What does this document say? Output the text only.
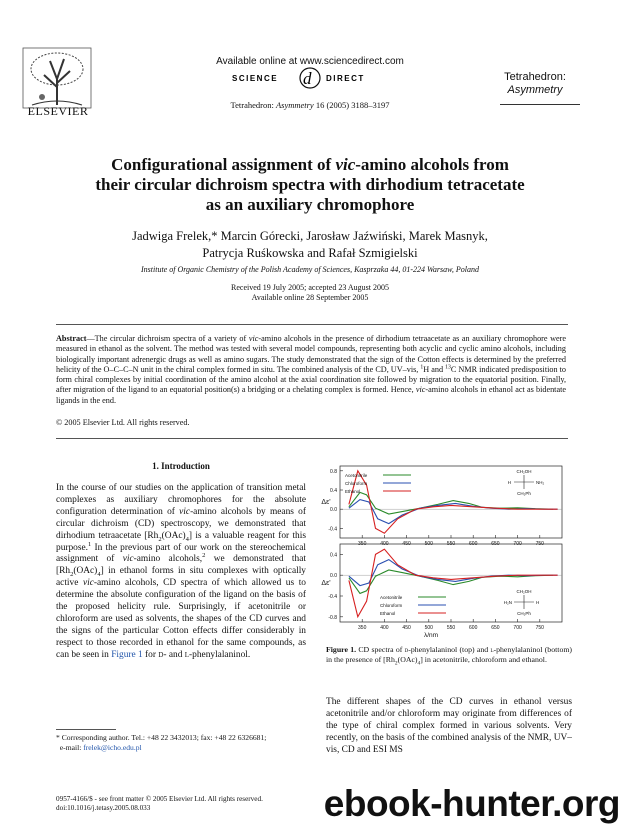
ELSEVIER
Available online at www.sciencedirect.com
SCIENCE d DIRECT
Tetrahedron: Asymmetry 16 (2005) 3188–3197
Tetrahedron:
Asymmetry
Configurational assignment of vic-amino alcohols from
their circular dichroism spectra with dirhodium tetracetate
as an auxiliary chromophore
Jadwiga Frelek,* Marcin Górecki, Jarosław Jaźwiński, Marek Masnyk,
Patrycja Ruśkowska and Rafał Szmigielski
Institute of Organic Chemistry of the Polish Academy of Sciences, Kasprzaka 44, 01-224 Warsaw, Poland
Received 19 July 2005; accepted 23 August 2005
Available online 28 September 2005
Abstract—The circular dichroism spectra of a variety of vic-amino alcohols in the presence of dirhodium tetraacetate as an auxiliary chromophore were measured in ethanol as the solvent. The method was tested with several model compounds, representing both acyclic and cyclic amino alcohols, including biologically important adrenergic drugs as well as amino sugars. The study demonstrated that the sign of the Cotton effects is determined by the preferred helicity of the O–C–C–N unit in the chiral complex formed in situ. The combined analysis of the CD, UV–vis, $^1$H and $^{13}$C NMR indicated predisposition to form chiral complexes by initial coordination of the amino alcohol at the axial coordination site followed by migration to the equatorial position. Finally, after migration of the ligand to an equatorial position(s) a bridging or a chelating complex is formed. Hence, vic-amino alcohols in ethanol act as bidentate ligands in the end.
© 2005 Elsevier Ltd. All rights reserved.
1. Introduction
In the course of our studies on the application of transition metal complexes as auxiliary chromophores for the absolute configuration determination of vic-amino alcohols by means of circular dichroism (CD) spectroscopy, we demonstrated that dirhodium tetraacetate $[Rh_2(OAc)_4]$ is a valuable reagent for this purpose.$^1$ In the previous part of our work on the stereochemical assignment of vic-amino alcohols,$^2$ we demonstrated that $[Rh_2(OAc)_4]$ in ethanol forms in situ complexes with optically active vic-amino alcohols, CD spectra of which allowed us to determine the absolute configuration of the ligand on the basis of the proposed helicity rule. Surprisingly, if acetonitrile or chloroform are used as solvents, the shapes of the CD curves and the signs of the particular Cotton effects differ considerably in respect to those recorded in ethanol for the same compounds, as can be seen in Figure 1 for d- and l-phenylalaninol.
-0.4
0.0
0.4
0.8
350	400	450	500	550	600	650	700	750
Δε'
Acetonitrile
Chloroform
Ethanol
CH₂OH
H	NH₂
CH₂Ph
-0.8
-0.4
0.0
0.4
350	400	450	500	550	600	650	700	750
Δε'
λ/nm
Acetonitrile
Chloroform
Ethanol
CH₂OH
H₂N	H
CH₂Ph
Figure 1. CD spectra of d-phenylalaninol (top) and l-phenylalaninol (bottom) in the presence of $[Rh_2(OAc)_4]$ in acetonitrile, chloroform and ethanol.
The different shapes of the CD curves in ethanol versus acetonitrile and/or chloroform may originate from differences of the type of chiral complex formed in various solvents. Very recently, on the basis of the combined analysis of the NMR, UV–vis, CD and ESI MS
* Corresponding author. Tel.: +48 22 3432013; fax: +48 22 6326681;
e-mail: frelek@icho.edu.pl
0957-4166/$ - see front matter © 2005 Elsevier Ltd. All rights reserved.
doi:10.1016/j.tetasy.2005.08.033	ebook-hunter.org
